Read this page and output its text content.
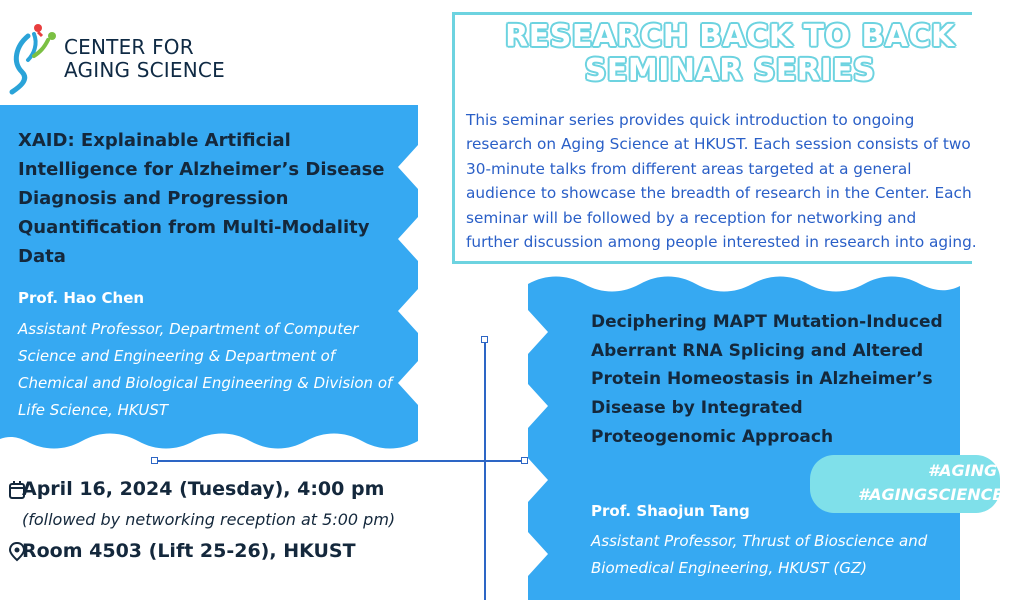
CENTER FOR
AGING SCIENCE
RESEARCH BACK TO BACK
SEMINAR SERIES
This seminar series provides quick introduction to ongoing
research on Aging Science at HKUST. Each session consists of two
30-minute talks from different areas targeted at a general
audience to showcase the breadth of research in the Center. Each
seminar will be followed by a reception for networking and
further discussion among people interested in research into aging.
XAID: Explainable Artificial Intelligence for Alzheimer’s Disease Diagnosis and Progression Quantification from Multi-Modality Data
Prof. Hao Chen
Assistant Professor, Department of Computer Science and Engineering & Department of Chemical and Biological Engineering & Division of Life Science, HKUST
Deciphering MAPT Mutation-Induced Aberrant RNA Splicing and Altered Protein Homeostasis in Alzheimer’s Disease by Integrated Proteogenomic Approach
Prof. Shaojun Tang
Assistant Professor, Thrust of Bioscience and Biomedical Engineering, HKUST (GZ)
#AGING
#AGINGSCIENCE
April 16, 2024 (Tuesday), 4:00 pm
(followed by networking reception at 5:00 pm)
Room 4503 (Lift 25-26), HKUST
